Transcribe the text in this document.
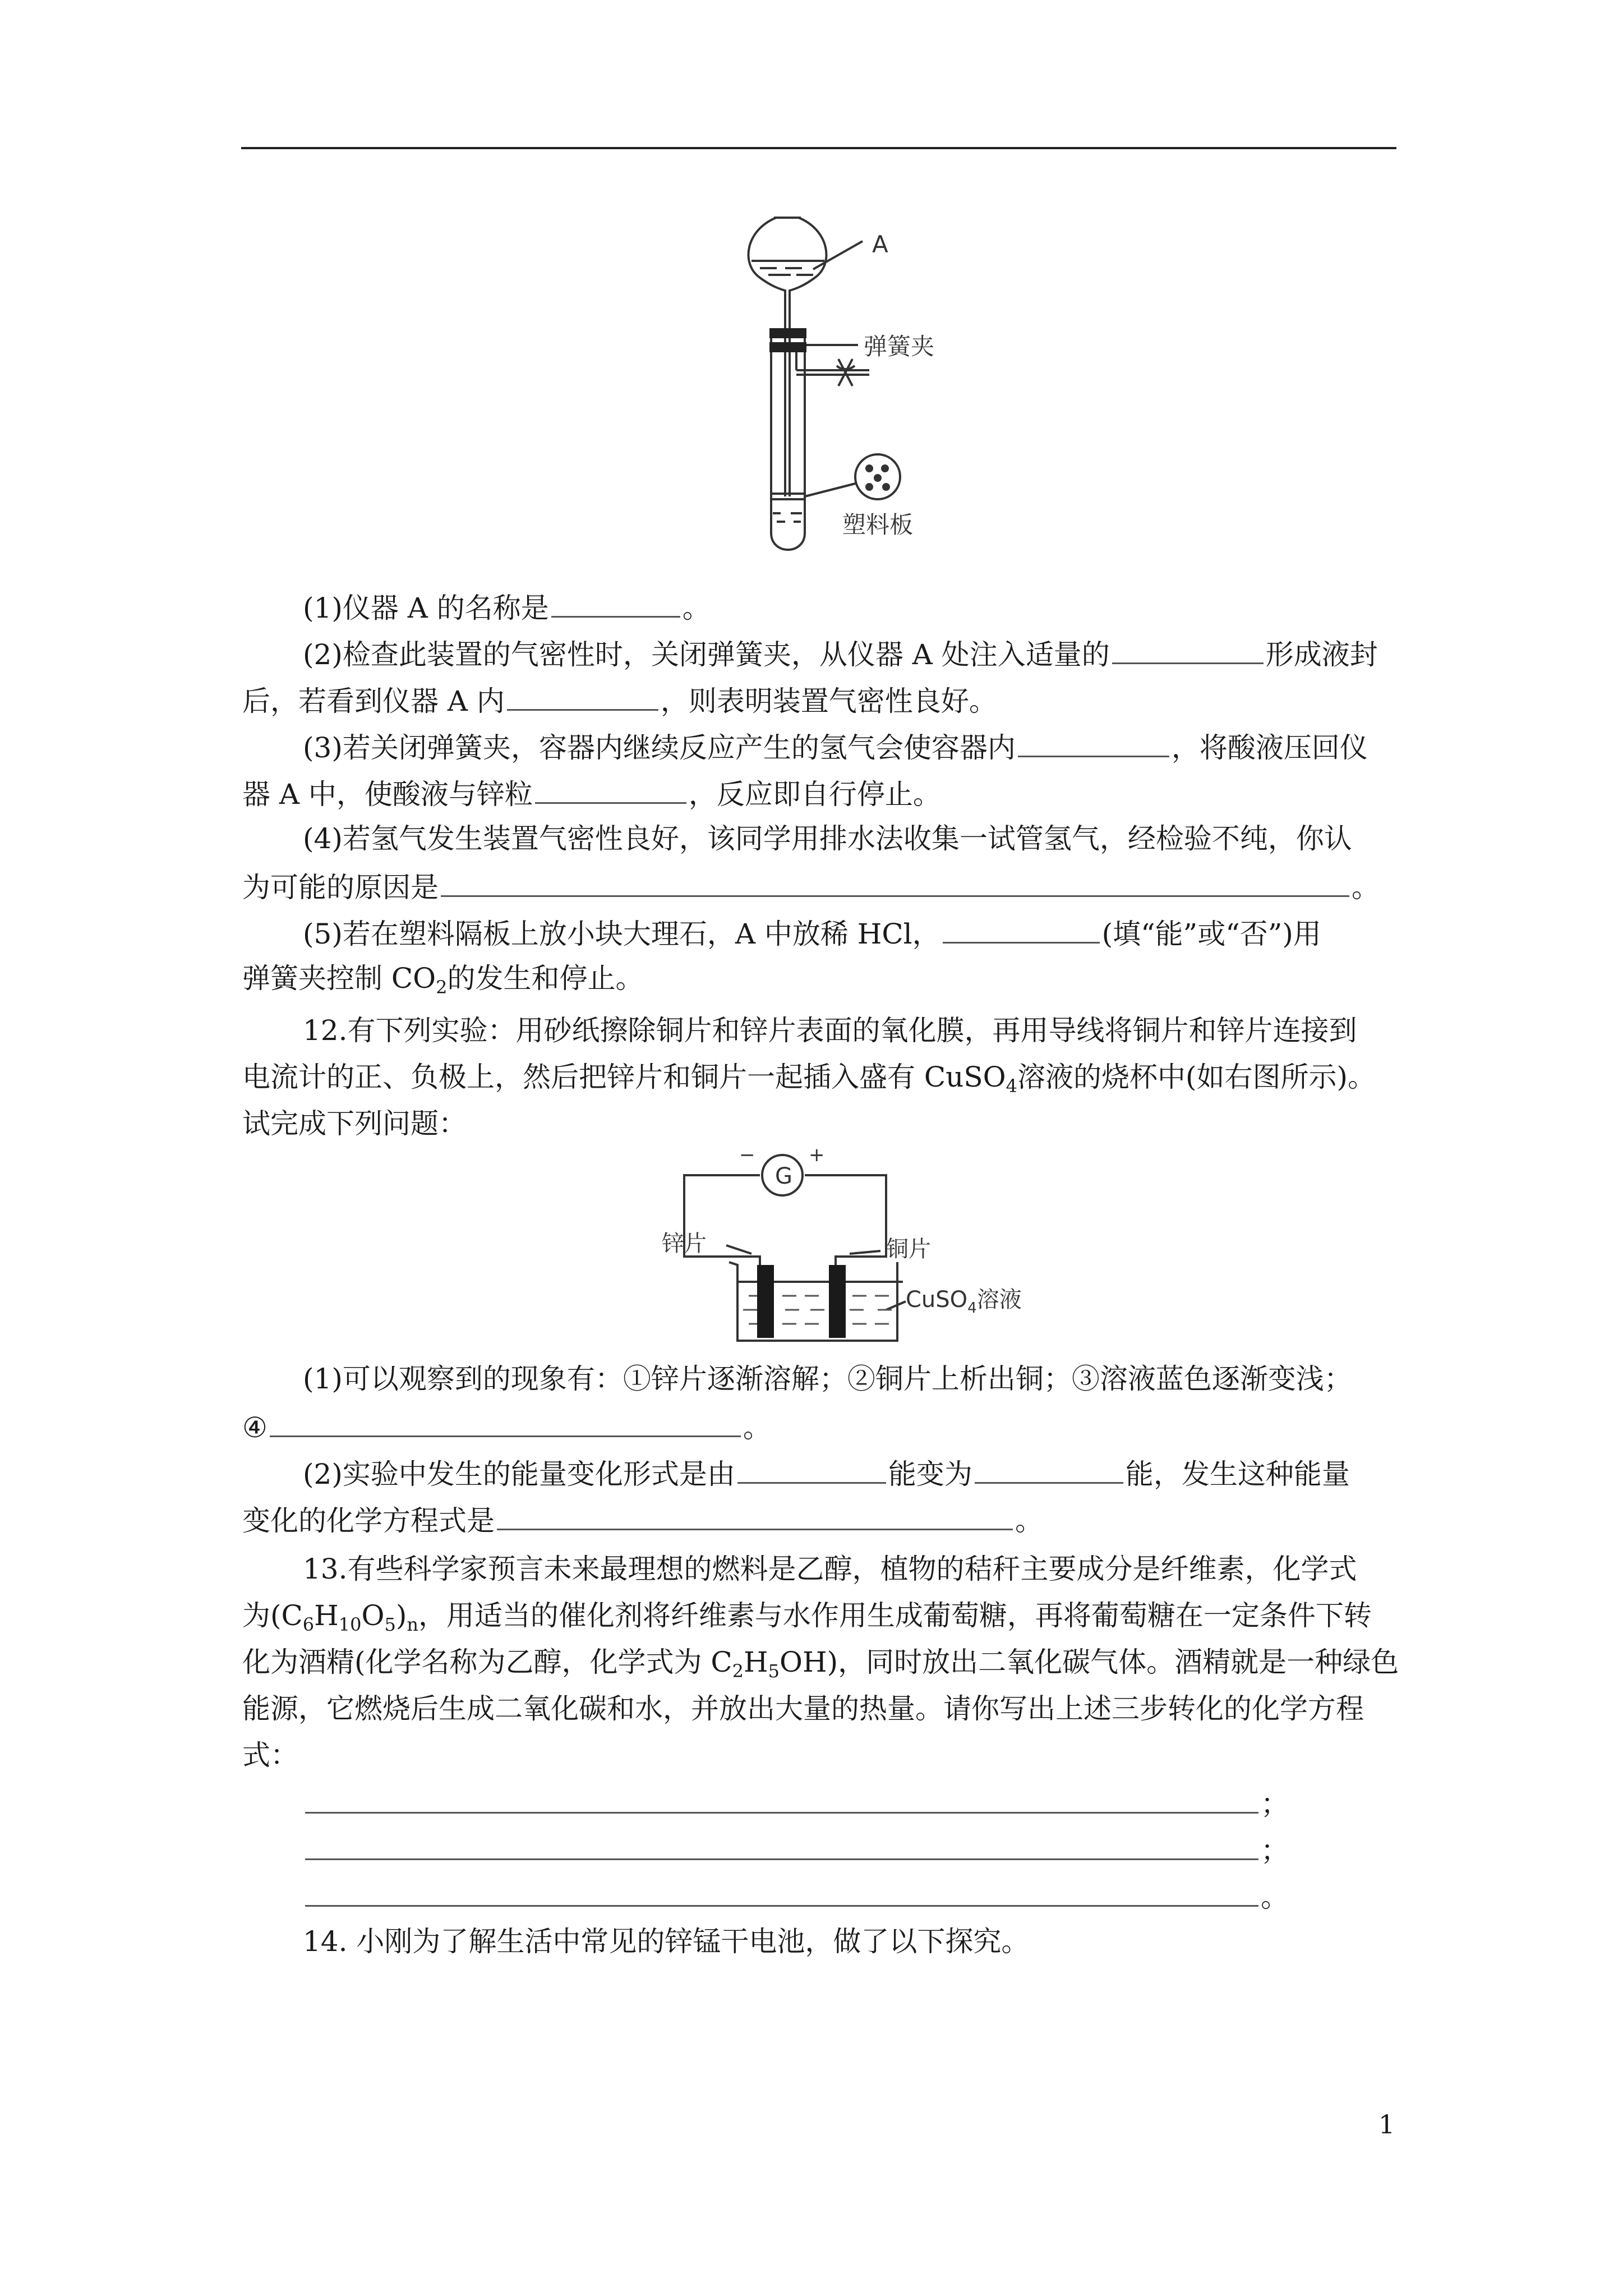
A
弹簧夹
塑料板
(1)仪器 A 的名称是	。
(2)检查此装置的气密性时，关闭弹簧夹，从仪器 A 处注入适量的	形成液封
后，若看到仪器 A 内	，则表明装置气密性良好。
(3)若关闭弹簧夹，容器内继续反应产生的氢气会使容器内	，将酸液压回仪
器 A 中，使酸液与锌粒	，反应即自行停止。
(4)若氢气发生装置气密性良好，该同学用排水法收集一试管氢气，经检验不纯，你认
为可能的原因是	。
(5)若在塑料隔板上放小块大理石，A 中放稀 HCl，	(填“能”或“否”)用
弹簧夹控制 $CO_2$的发生和停止。
12.有下列实验：用砂纸擦除铜片和锌片表面的氧化膜，再用导线将铜片和锌片连接到
电流计的正、负极上，然后把锌片和铜片一起插入盛有 CuSO$_4$溶液的烧杯中(如右图所示)。
试完成下列问题：
G
−	+
锌片	铜片
CuSO$_4$溶液
(1)可以观察到的现象有：①锌片逐渐溶解；②铜片上析出铜；③溶液蓝色逐渐变浅；
④	。
(2)实验中发生的能量变化形式是由	能变为	能，发生这种能量
变化的化学方程式是	。
13.有些科学家预言未来最理想的燃料是乙醇，植物的秸秆主要成分是纤维素，化学式
为$(C_6H_{10}O_5)_n$，用适当的催化剂将纤维素与水作用生成葡萄糖，再将葡萄糖在一定条件下转
化为酒精(化学名称为乙醇，化学式为 $C_2H_5OH$)，同时放出二氧化碳气体。酒精就是一种绿色
能源，它燃烧后生成二氧化碳和水，并放出大量的热量。请你写出上述三步转化的化学方程
式：
；
；
。
14. 小刚为了解生活中常见的锌锰干电池，做了以下探究。
1
